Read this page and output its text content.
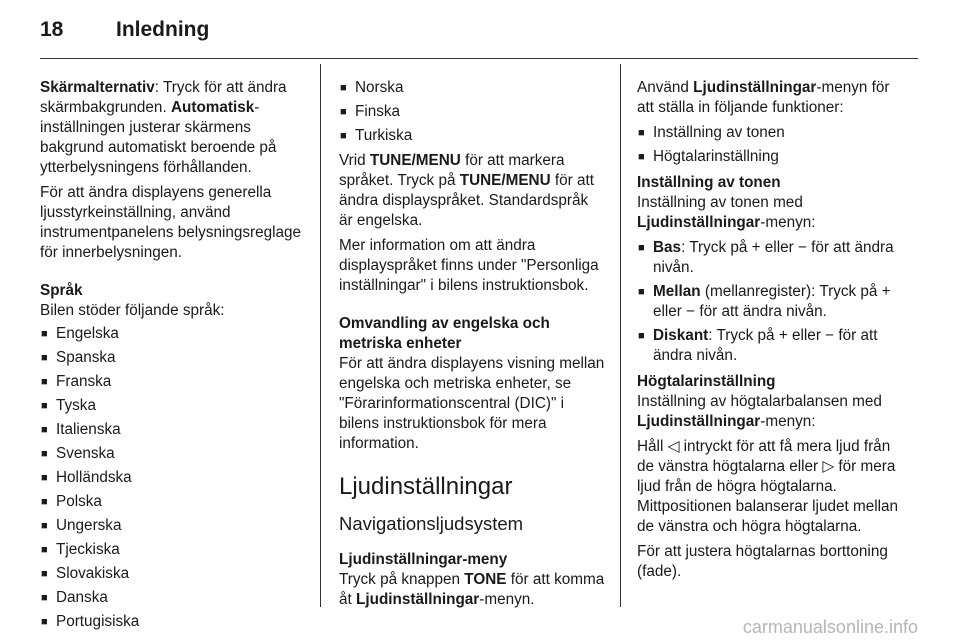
18	Inledning

Skärmalternativ: Tryck för att ändra skärmbakgrunden. Automatisk-inställningen justerar skärmens bakgrund automatiskt beroende på ytterbelysningens förhållanden.

För att ändra displayens generella ljusstyrkeinställning, använd instrumentpanelens belysningsreglage för innerbelysningen.

Språk

Bilen stöder följande språk:

■ Engelska
■ Spanska
■ Franska
■ Tyska
■ Italienska
■ Svenska
■ Holländska
■ Polska
■ Ungerska
■ Tjeckiska
■ Slovakiska
■ Danska
■ Portugisiska
■ Norska
■ Finska
■ Turkiska

Vrid TUNE/MENU för att markera språket. Tryck på TUNE/MENU för att ändra displayspråket. Standardspråk är engelska.

Mer information om att ändra displayspråket finns under "Personliga inställningar" i bilens instruktionsbok.

Omvandling av engelska och metriska enheter

För att ändra displayens visning mellan engelska och metriska enheter, se "Förarinformationscentral (DIC)" i bilens instruktionsbok för mera information.

Ljudinställningar
Navigationsljudsystem
Ljudinställningar-meny

Tryck på knappen TONE för att komma åt Ljudinställningar-menyn.

Använd Ljudinställningar-menyn för att ställa in följande funktioner:

■ Inställning av tonen
■ Högtalarinställning
Inställning av tonen

Inställning av tonen med Ljudinställningar-menyn:

■ Bas: Tryck på + eller − för att ändra nivån.
■ Mellan (mellanregister): Tryck på + eller − för att ändra nivån.
■ Diskant: Tryck på + eller − för att ändra nivån.
Högtalarinställning

Inställning av högtalarbalansen med Ljudinställningar-menyn:

Håll ◁ intryckt för att få mera ljud från de vänstra högtalarna eller ▷ för mera ljud från de högra högtalarna. Mittpositionen balanserar ljudet mellan de vänstra och högra högtalarna.

För att justera högtalarnas borttoning (fade).

carmanualsonline.info
